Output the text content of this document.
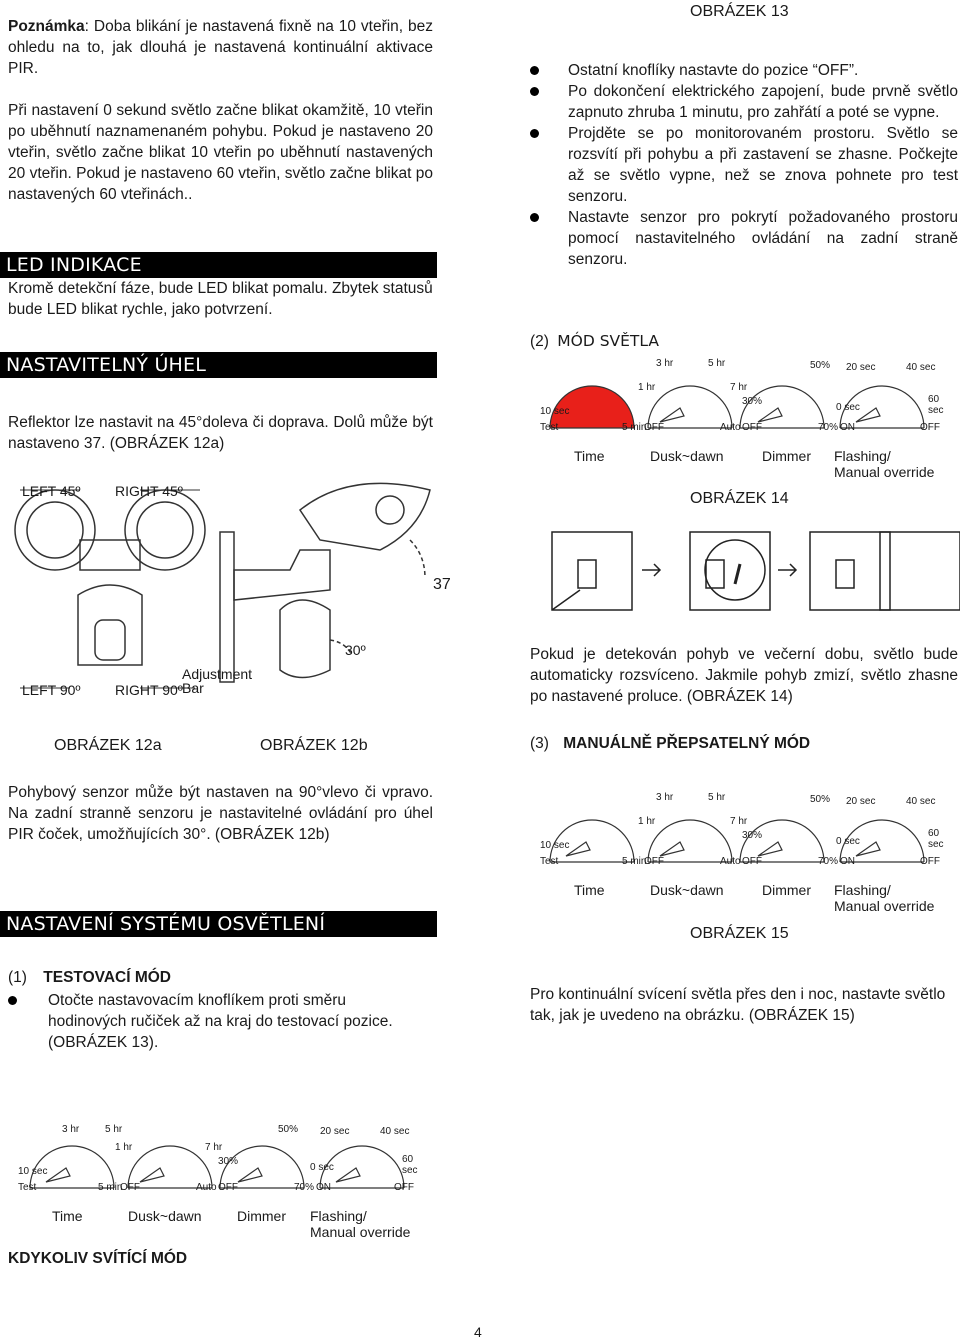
Poznámka: Doba blikání je nastavená fixně na 10 vteřin, bez ohledu na to, jak dlouhá je nastavená kontinuální aktivace PIR.

Při nastavení 0 sekund světlo začne blikat okamžitě, 10 vteřin po uběhnutí naznamenaném pohybu. Pokud je nastaveno 20 vteřin, světlo začne blikat 10 vteřin po uběhnutí nastavených 20 vteřin. Pokud je nastaveno 60 vteřin, světlo začne blikat po nastavených 60 vteřinách..

LED INDIKACE

Kromě detekční fáze, bude LED blikat pomalu. Zbytek statusů bude LED blikat rychle, jako potvrzení.

NASTAVITELNÝ ÚHEL

Reflektor lze nastavit na 45°doleva či doprava. Dolů může být nastaveno 37. (OBRÁZEK 12a)

LEFT 45º RIGHT 45º
LEFT 90º RIGHT 90º
Adjustment
Bar
30º
37
OBRÁZEK 12a	OBRÁZEK 12b

Pohybový senzor může být nastaven na 90°vlevo či vpravo. Na zadní stranně senzoru je nastavitelné ovládání pro úhel PIR čoček, umožňujících 30°. (OBRÁZEK 12b)

NASTAVENÍ SYSTÉMU OSVĚTLENÍ
(1) TESTOVACÍ MÓD
Otočte nastavovacím knoflíkem proti směru hodinových ručiček až na kraj do testovací pozice. (OBRÁZEK 13).
3 hr	5 hr	50% 20 sec	40 sec
1 hr	7 hr
30%
0 sec
60 sec
10 sec
Test	5 min
OFF	Auto OFF	70% ON	OFF
Time	Dusk~dawn	Dimmer Flashing/
Manual override
KDYKOLIV SVÍTÍCÍ MÓD
4
OBRÁZEK 13
Ostatní knoflíky nastavte do pozice “OFF”.
Po dokončení elektrického zapojení, bude prvně světlo zapnuto zhruba 1 minutu, pro zahřátí a poté se vypne.
Projděte se po monitorovaném prostoru. Světlo se rozsvítí při pohybu a při zastavení se zhasne. Počkejte až se světlo vypne, než se znova pohnete pro test senzoru.
Nastavte senzor pro pokrytí požadovaného prostoru pomocí nastavitelného ovládání na zadní straně senzoru.
(2) MÓD SVĚTLA
3 hr	5 hr	50% 20 sec	40 sec
1 hr	7 hr
30%
0 sec
60 sec
10 sec
Test	5 min
OFF	Auto OFF	70% ON	OFF
Time	Dusk~dawn	Dimmer Flashing/
Manual override
OBRÁZEK 14

Pokud je detekován pohyb ve večerní dobu, světlo bude automaticky rozsvíceno. Jakmile pohyb zmizí, světlo zhasne po nastavené proluce. (OBRÁZEK 14)

(3) MANUÁLNĚ PŘEPSATELNÝ MÓD
3 hr	5 hr	50% 20 sec	40 sec
1 hr	7 hr
30%
0 sec
60 sec
10 sec
Test	5 min
OFF	Auto OFF	70% ON	OFF
Time	Dusk~dawn	Dimmer Flashing/
Manual override
OBRÁZEK 15

Pro kontinuální svícení světla přes den i noc, nastavte světlo tak, jak je uvedeno na obrázku. (OBRÁZEK 15)
